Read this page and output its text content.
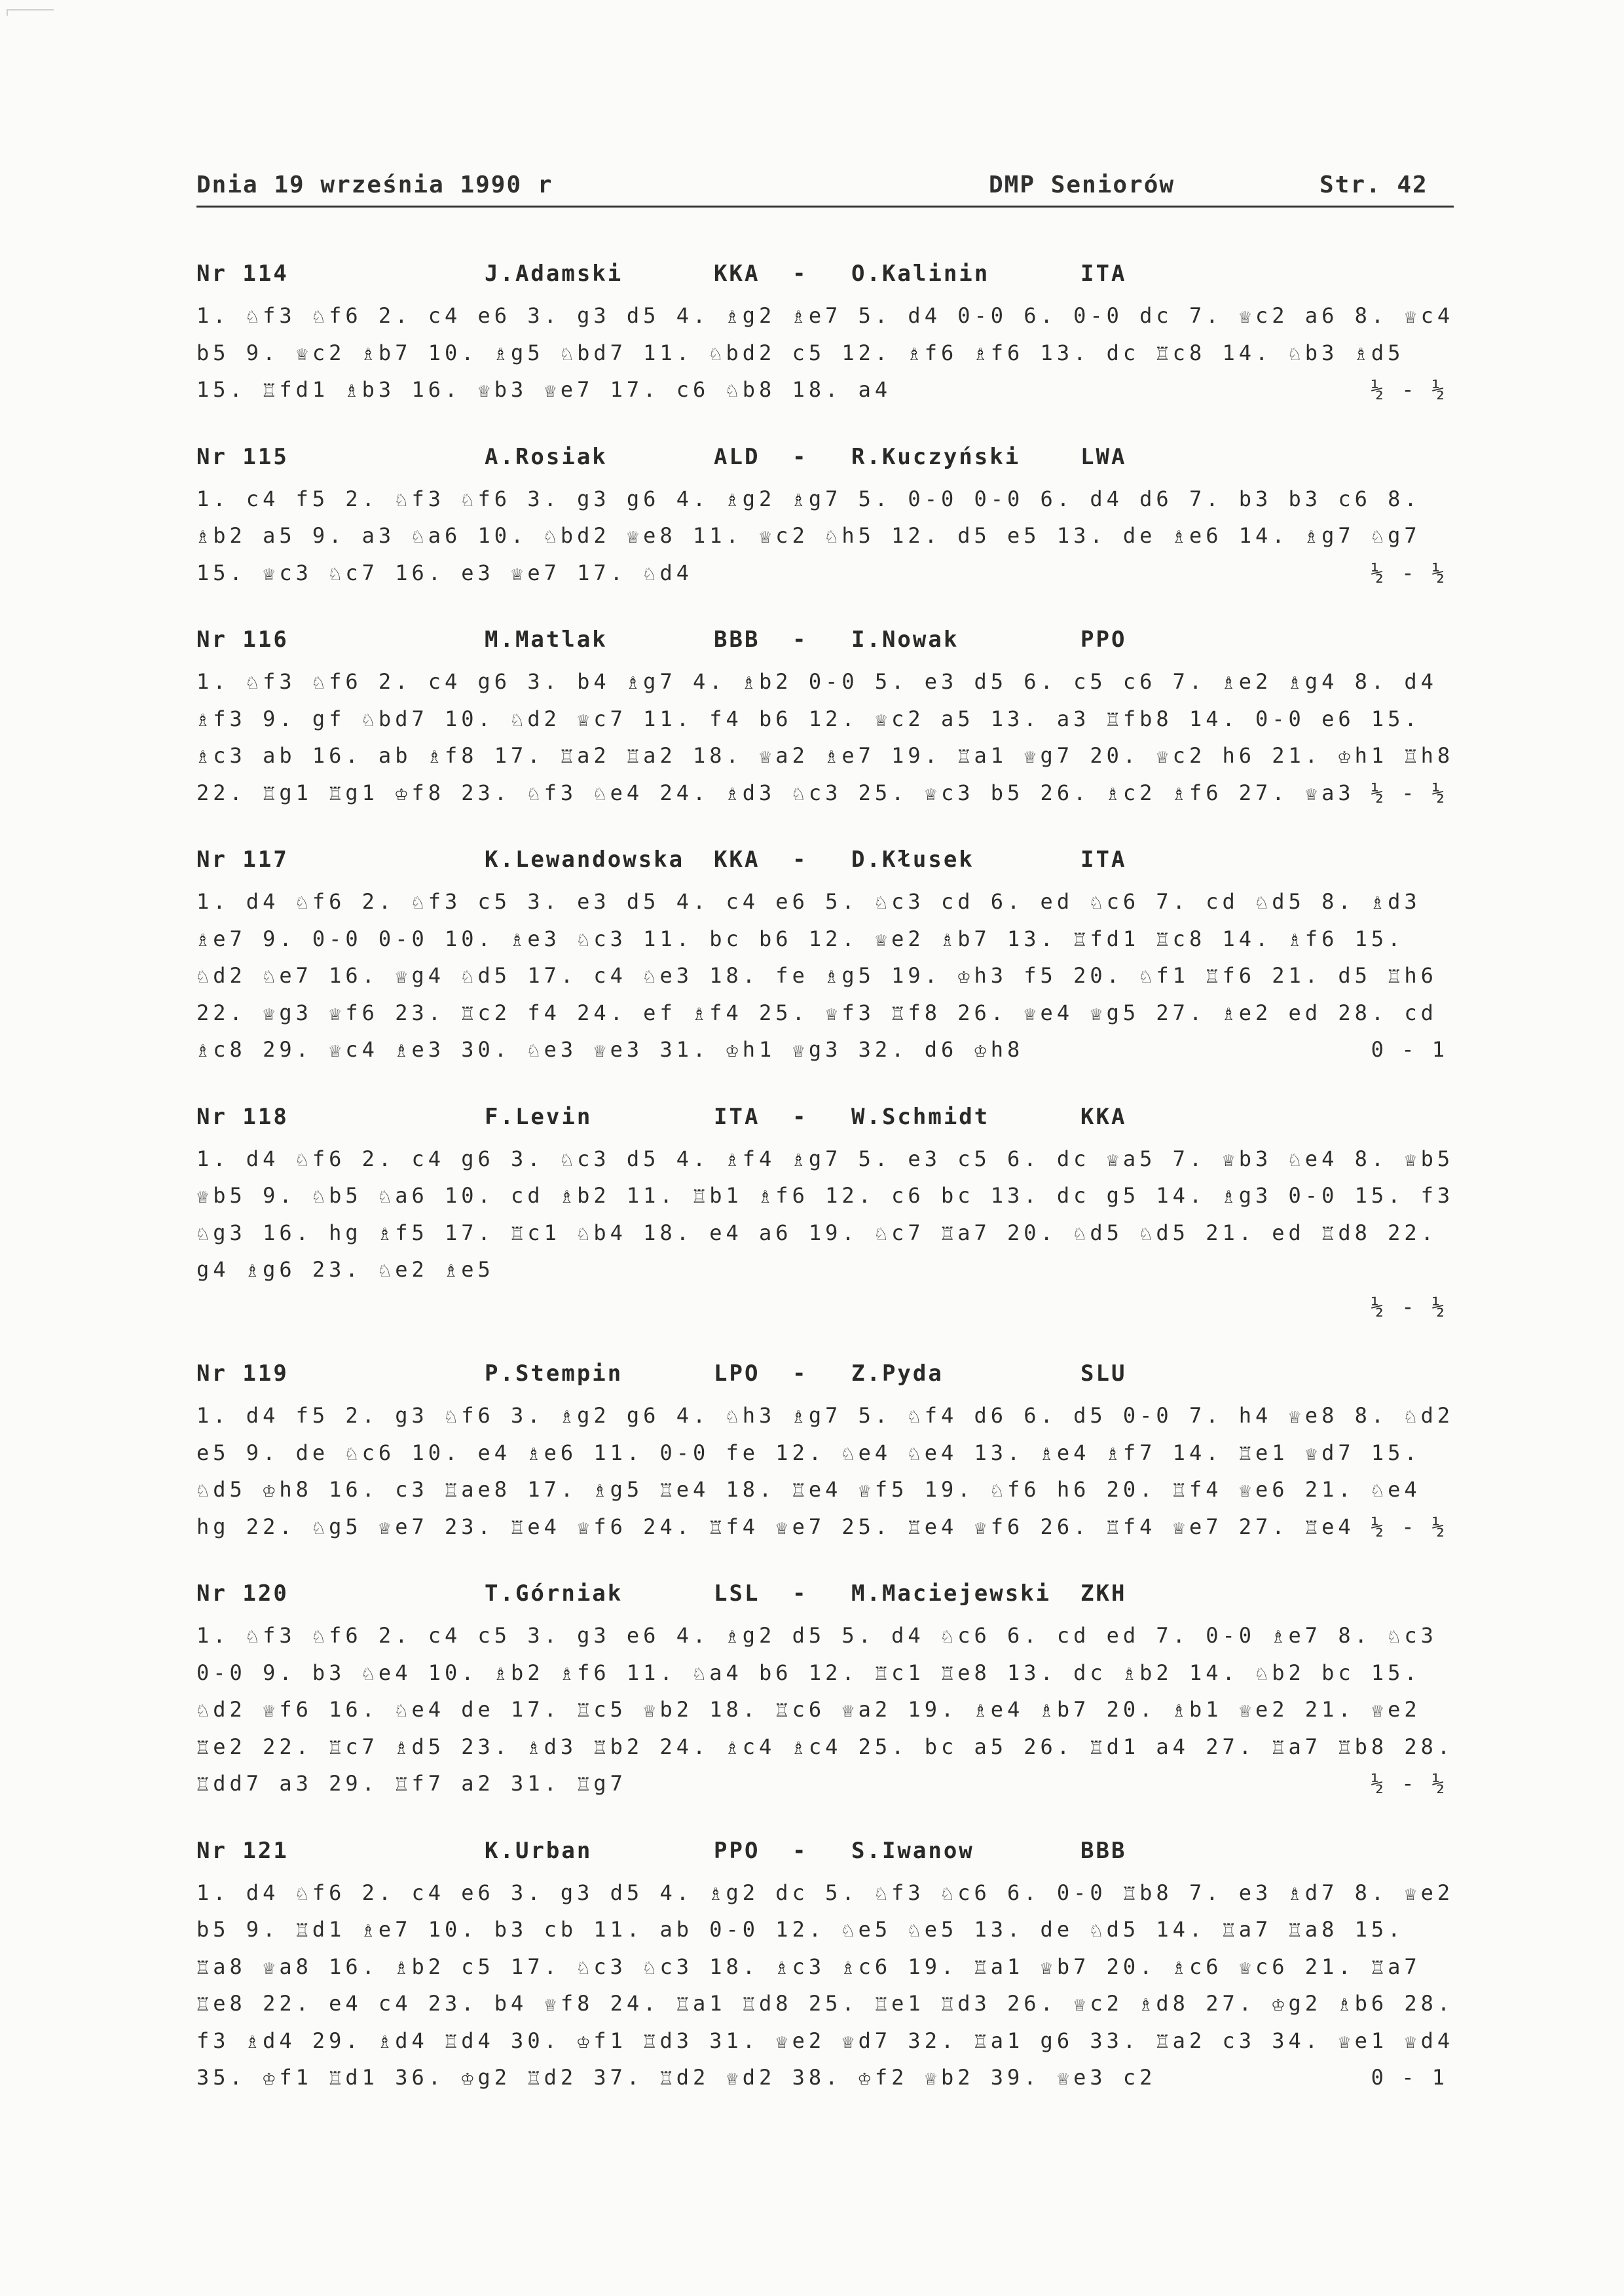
Dnia 19 września 1990 r	DMP Seniorów	Str. 42
Nr 114	J.Adamski	KKA	O.Kalinin	ITA
-
1. ♘f3 ♘f6 2. c4 e6 3. g3 d5 4. ♗g2 ♗e7 5. d4 0-0 6. 0-0 dc 7. ♕c2 a6 8. ♕c4 b5 9. ♕c2 ♗b7 10. ♗g5 ♘bd7 11. ♘bd2 c5 12. ♗f6 ♗f6 13. dc ♖c8 14. ♘b3 ♗d5 15. ♖fd1 ♗b3 16. ♕b3 ♕e7 17. c6 ♘b8 18. a4	½ - ½
Nr 115	A.Rosiak	ALD	R.Kuczyński	LWA
-
1. c4 f5 2. ♘f3 ♘f6 3. g3 g6 4. ♗g2 ♗g7 5. 0-0 0-0 6. d4 d6 7. b3 b3 c6 8. ♗b2 a5 9. a3 ♘a6 10. ♘bd2 ♕e8 11. ♕c2 ♘h5 12. d5 e5 13. de ♗e6 14. ♗g7 ♘g7 15. ♕c3 ♘c7 16. e3 ♕e7 17. ♘d4	½ - ½
Nr 116	M.Matlak	BBB	I.Nowak	PPO
-
1. ♘f3 ♘f6 2. c4 g6 3. b4 ♗g7 4. ♗b2 0-0 5. e3 d5 6. c5 c6 7. ♗e2 ♗g4 8. d4 ♗f3 9. gf ♘bd7 10. ♘d2 ♕c7 11. f4 b6 12. ♕c2 a5 13. a3 ♖fb8 14. 0-0 e6 15. ♗c3 ab 16. ab ♗f8 17. ♖a2 ♖a2 18. ♕a2 ♗e7 19. ♖a1 ♕g7 20. ♕c2 h6 21. ♔h1 ♖h8 22. ♖g1 ♖g1 ♔f8 23. ♘f3 ♘e4 24. ♗d3 ♘c3 25. ♕c3 b5 26. ♗c2 ♗f6 27. ♕a3 ½ - ½
Nr 117	K.Lewandowska KKA	D.Kłusek	ITA
-
1. d4 ♘f6 2. ♘f3 c5 3. e3 d5 4. c4 e6 5. ♘c3 cd 6. ed ♘c6 7. cd ♘d5 8. ♗d3 ♗e7 9. 0-0 0-0 10. ♗e3 ♘c3 11. bc b6 12. ♕e2 ♗b7 13. ♖fd1 ♖c8 14. ♗f6 15. ♘d2 ♘e7 16. ♕g4 ♘d5 17. c4 ♘e3 18. fe ♗g5 19. ♔h3 f5 20. ♘f1 ♖f6 21. d5 ♖h6 22. ♕g3 ♕f6 23. ♖c2 f4 24. ef ♗f4 25. ♕f3 ♖f8 26. ♕e4 ♕g5 27. ♗e2 ed 28. cd ♗c8 29. ♕c4 ♗e3 30. ♘e3 ♕e3 31. ♔h1 ♕g3 32. d6 ♔h8	0 - 1
Nr 118	F.Levin	ITA	W.Schmidt	KKA
-
1. d4 ♘f6 2. c4 g6 3. ♘c3 d5 4. ♗f4 ♗g7 5. e3 c5 6. dc ♕a5 7. ♕b3 ♘e4 8. ♕b5 ♕b5 9. ♘b5 ♘a6 10. cd ♗b2 11. ♖b1 ♗f6 12. c6 bc 13. dc g5 14. ♗g3 0-0 15. f3 ♘g3 16. hg ♗f5 17. ♖c1 ♘b4 18. e4 a6 19. ♘c7 ♖a7 20. ♘d5 ♘d5 21. ed ♖d8 22. g4 ♗g6 23. ♘e2 ♗e5
½ - ½
Nr 119	P.Stempin	LPO	Z.Pyda	SLU
-
1. d4 f5 2. g3 ♘f6 3. ♗g2 g6 4. ♘h3 ♗g7 5. ♘f4 d6 6. d5 0-0 7. h4 ♕e8 8. ♘d2 e5 9. de ♘c6 10. e4 ♗e6 11. 0-0 fe 12. ♘e4 ♘e4 13. ♗e4 ♗f7 14. ♖e1 ♕d7 15. ♘d5 ♔h8 16. c3 ♖ae8 17. ♗g5 ♖e4 18. ♖e4 ♕f5 19. ♘f6 h6 20. ♖f4 ♕e6 21. ♘e4 hg 22. ♘g5 ♕e7 23. ♖e4 ♕f6 24. ♖f4 ♕e7 25. ♖e4 ♕f6 26. ♖f4 ♕e7 27. ♖e4 ½ - ½
Nr 120	T.Górniak	LSL	M.Maciejewski ZKH
-
1. ♘f3 ♘f6 2. c4 c5 3. g3 e6 4. ♗g2 d5 5. d4 ♘c6 6. cd ed 7. 0-0 ♗e7 8. ♘c3 0-0 9. b3 ♘e4 10. ♗b2 ♗f6 11. ♘a4 b6 12. ♖c1 ♖e8 13. dc ♗b2 14. ♘b2 bc 15. ♘d2 ♕f6 16. ♘e4 de 17. ♖c5 ♕b2 18. ♖c6 ♕a2 19. ♗e4 ♗b7 20. ♗b1 ♕e2 21. ♕e2 ♖e2 22. ♖c7 ♗d5 23. ♗d3 ♖b2 24. ♗c4 ♗c4 25. bc a5 26. ♖d1 a4 27. ♖a7 ♖b8 28. ♖dd7 a3 29. ♖f7 a2 31. ♖g7	½ - ½
Nr 121	K.Urban	PPO	S.Iwanow	BBB
-
1. d4 ♘f6 2. c4 e6 3. g3 d5 4. ♗g2 dc 5. ♘f3 ♘c6 6. 0-0 ♖b8 7. e3 ♗d7 8. ♕e2 b5 9. ♖d1 ♗e7 10. b3 cb 11. ab 0-0 12. ♘e5 ♘e5 13. de ♘d5 14. ♖a7 ♖a8 15. ♖a8 ♕a8 16. ♗b2 c5 17. ♘c3 ♘c3 18. ♗c3 ♗c6 19. ♖a1 ♕b7 20. ♗c6 ♕c6 21. ♖a7 ♖e8 22. e4 c4 23. b4 ♕f8 24. ♖a1 ♖d8 25. ♖e1 ♖d3 26. ♕c2 ♗d8 27. ♔g2 ♗b6 28. f3 ♗d4 29. ♗d4 ♖d4 30. ♔f1 ♖d3 31. ♕e2 ♕d7 32. ♖a1 g6 33. ♖a2 c3 34. ♕e1 ♕d4 35. ♔f1 ♖d1 36. ♔g2 ♖d2 37. ♖d2 ♕d2 38. ♔f2 ♕b2 39. ♕e3 c2	0 - 1
